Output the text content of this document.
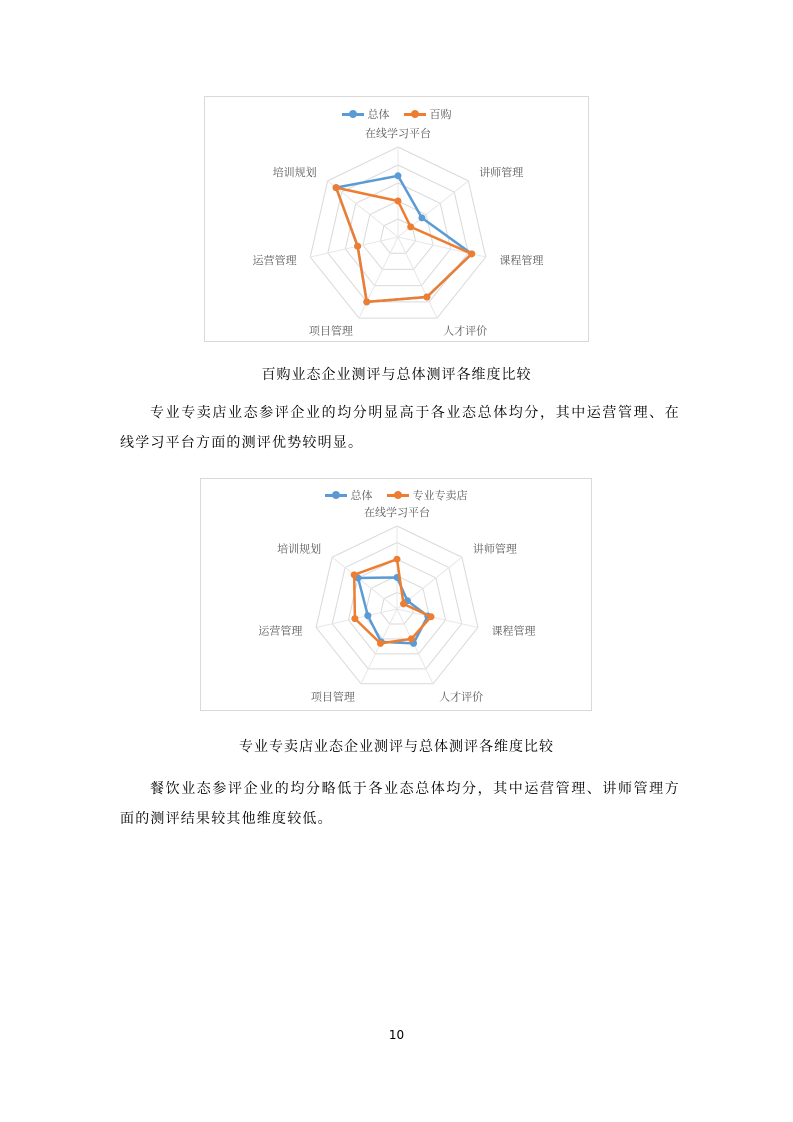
总体	百购
在线学习平台
讲师管理
课程管理
人才评价
项目管理
运营管理
培训规划
百购业态企业测评与总体测评各维度比较

专业专卖店业态参评企业的均分明显高于各业态总体均分，其中运营管理、在线学习平台方面的测评优势较明显。

总体	专业专卖店
在线学习平台
讲师管理
课程管理
人才评价
项目管理
运营管理
培训规划
专业专卖店业态企业测评与总体测评各维度比较

餐饮业态参评企业的均分略低于各业态总体均分，其中运营管理、讲师管理方面的测评结果较其他维度较低。

10
